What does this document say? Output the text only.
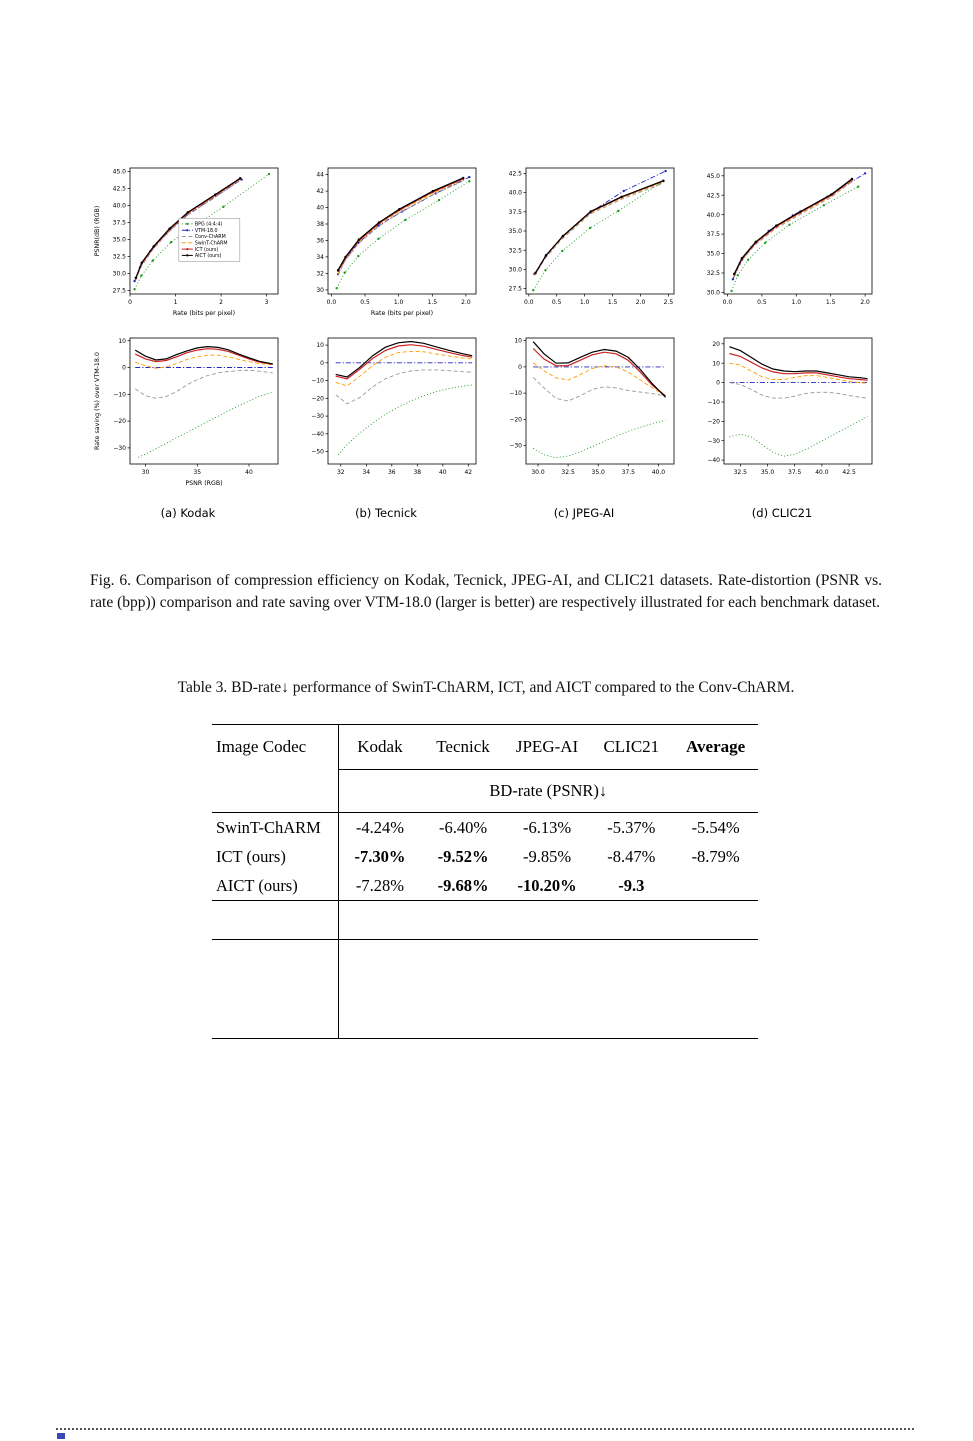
0	1	2	3
27.5
30.0
32.5
35.0
37.5
40.0
42.5
45.0
Rate (bits per pixel)
PSNR(dB) (RGB)	BPG (4:4:4)
VTM-18.0
Conv-ChARM
SwinT-ChARM
ICT (ours)
AICT (ours)
30	35	40
10
0
−10
−20
−30
PSNR (RGB)
Rate saving (%) over VTM-18.0
(a) Kodak
0.0	0.5	1.0	1.5	2.0
30
32
34
36
38
40
42
44
Rate (bits per pixel)
32	34	36	38	40	42
10
0
−10
−20
−30
−40
−50
(b) Tecnick
0.0	0.5	1.0	1.5	2.0	2.5
27.5
30.0
32.5
35.0
37.5
40.0
42.5
30.0	32.5	35.0	37.5	40.0
10
0
−10
−20
−30
(c) JPEG-AI
0.0	0.5	1.0	1.5	2.0
30.0
32.5
35.0
37.5
40.0
42.5
45.0
32.5 35.0 37.5 40.0 42.5
20
10
0
−10
−20
−30
−40
(d) CLIC21

Fig. 6. Comparison of compression efficiency on Kodak, Tecnick, JPEG-AI, and CLIC21 datasets. Rate-distortion (PSNR vs. rate (bpp)) comparison and rate saving over VTM-18.0 (larger is better) are respectively illustrated for each benchmark dataset.

Table 3. BD-rate↓ performance of SwinT-ChARM, ICT, and AICT compared to the Conv-ChARM.
Image Codec	Kodak	Tecnick	JPEG-AI	CLIC21	Average
	BD-rate (PSNR)↓				
SwinT-ChARM	-4.24%	-6.40%	-6.13%	-5.37%	-5.54%
ICT (ours)	-7.30%	-9.52%	-9.85%	-8.47%	-8.79%
AICT (ours)	-7.28%	-9.68%	-10.20%	-9.3	
